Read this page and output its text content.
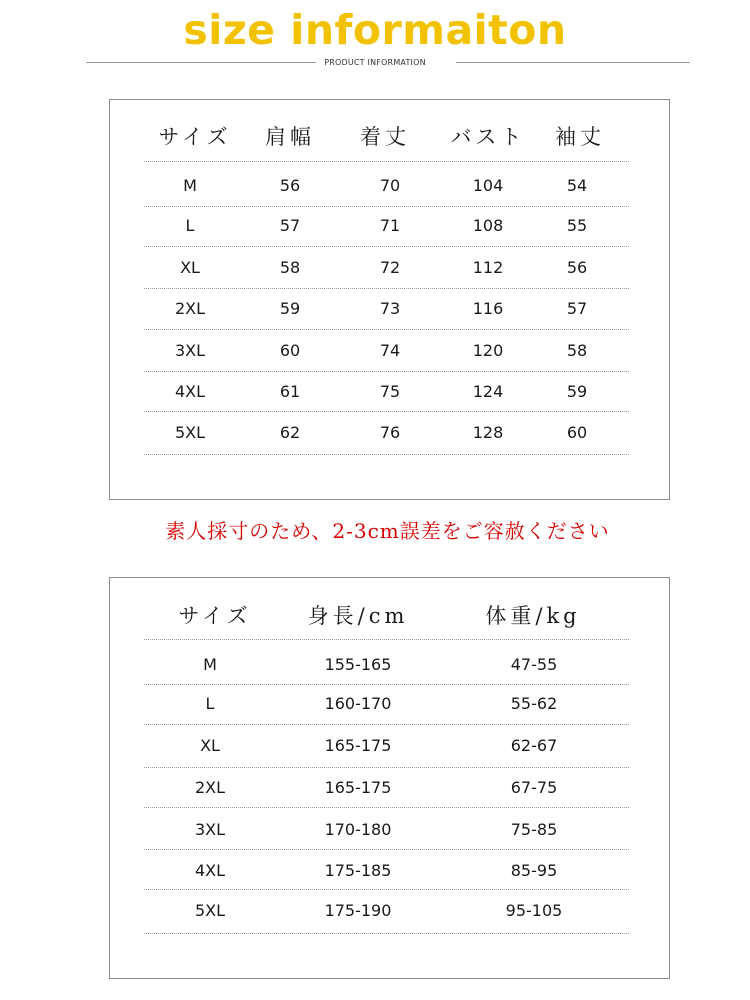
size informaiton
PRODUCT INFORMATION
サイズ	肩幅	着丈	バスト	袖丈
M	56	70	104	54
L	57	71	108	55
XL	58	72	112	56
2XL	59	73	116	57
3XL	60	74	120	58
4XL	61	75	124	59
5XL	62	76	128	60
素人採寸のため、2-3cm誤差をご容赦ください
サイズ	身長/cm	体重/kg
M	155-165	47-55
L	160-170	55-62
XL	165-175	62-67
2XL	165-175	67-75
3XL	170-180	75-85
4XL	175-185	85-95
5XL	175-190	95-105
